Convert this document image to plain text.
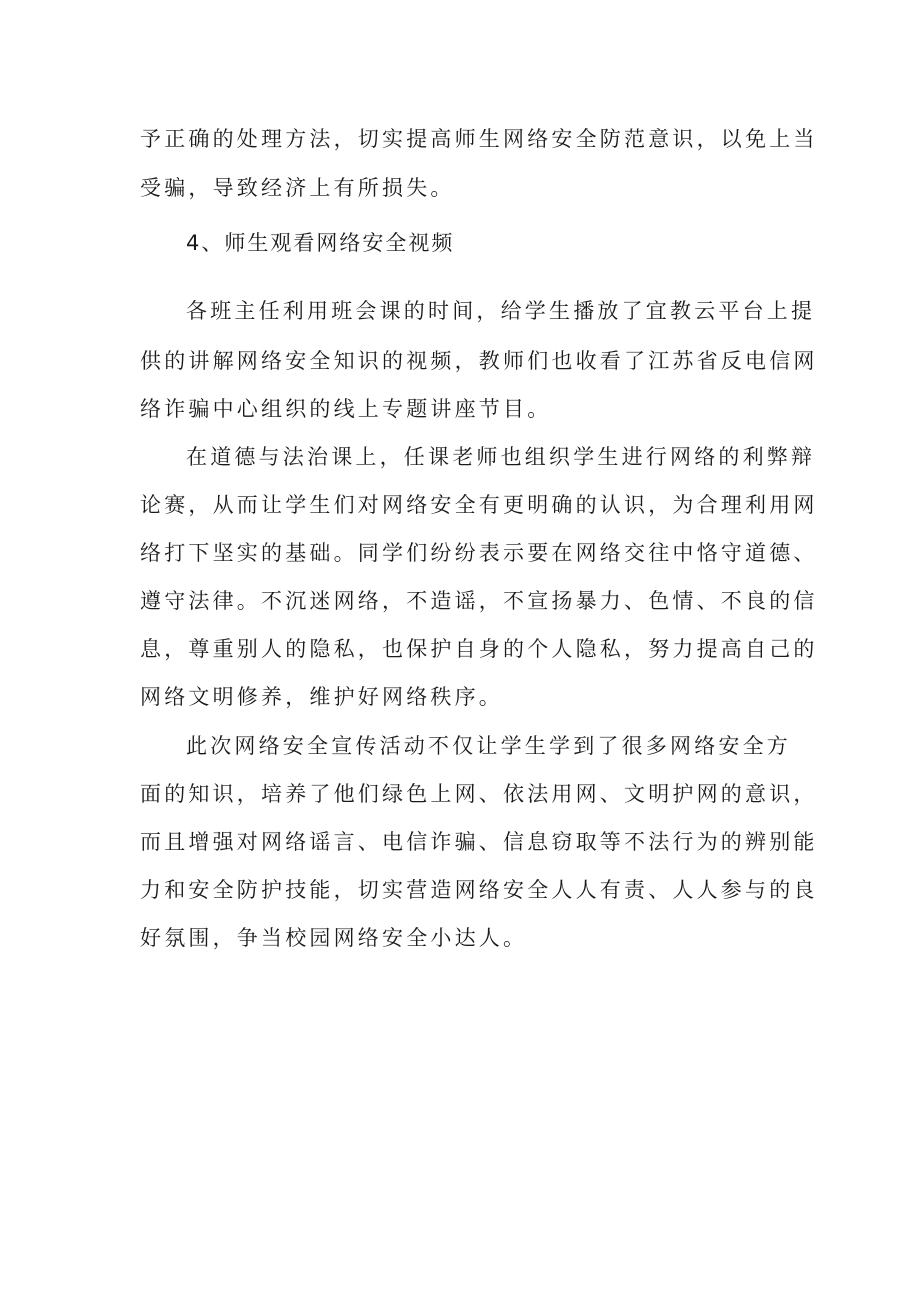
予正确的处理方法，切实提高师生网络安全防范意识，以免上当
受骗，导致经济上有所损失。
4、师生观看网络安全视频
各班主任利用班会课的时间，给学生播放了宜教云平台上提
供的讲解网络安全知识的视频，教师们也收看了江苏省反电信网
络诈骗中心组织的线上专题讲座节目。
在道德与法治课上，任课老师也组织学生进行网络的利弊辩
论赛，从而让学生们对网络安全有更明确的认识，为合理利用网
络打下坚实的基础。同学们纷纷表示要在网络交往中恪守道德、
遵守法律。不沉迷网络，不造谣，不宣扬暴力、色情、不良的信
息，尊重别人的隐私，也保护自身的个人隐私，努力提高自己的
网络文明修养，维护好网络秩序。
此次网络安全宣传活动不仅让学生学到了很多网络安全方
面的知识，培养了他们绿色上网、依法用网、文明护网的意识，
而且增强对网络谣言、电信诈骗、信息窃取等不法行为的辨别能
力和安全防护技能，切实营造网络安全人人有责、人人参与的良
好氛围，争当校园网络安全小达人。
